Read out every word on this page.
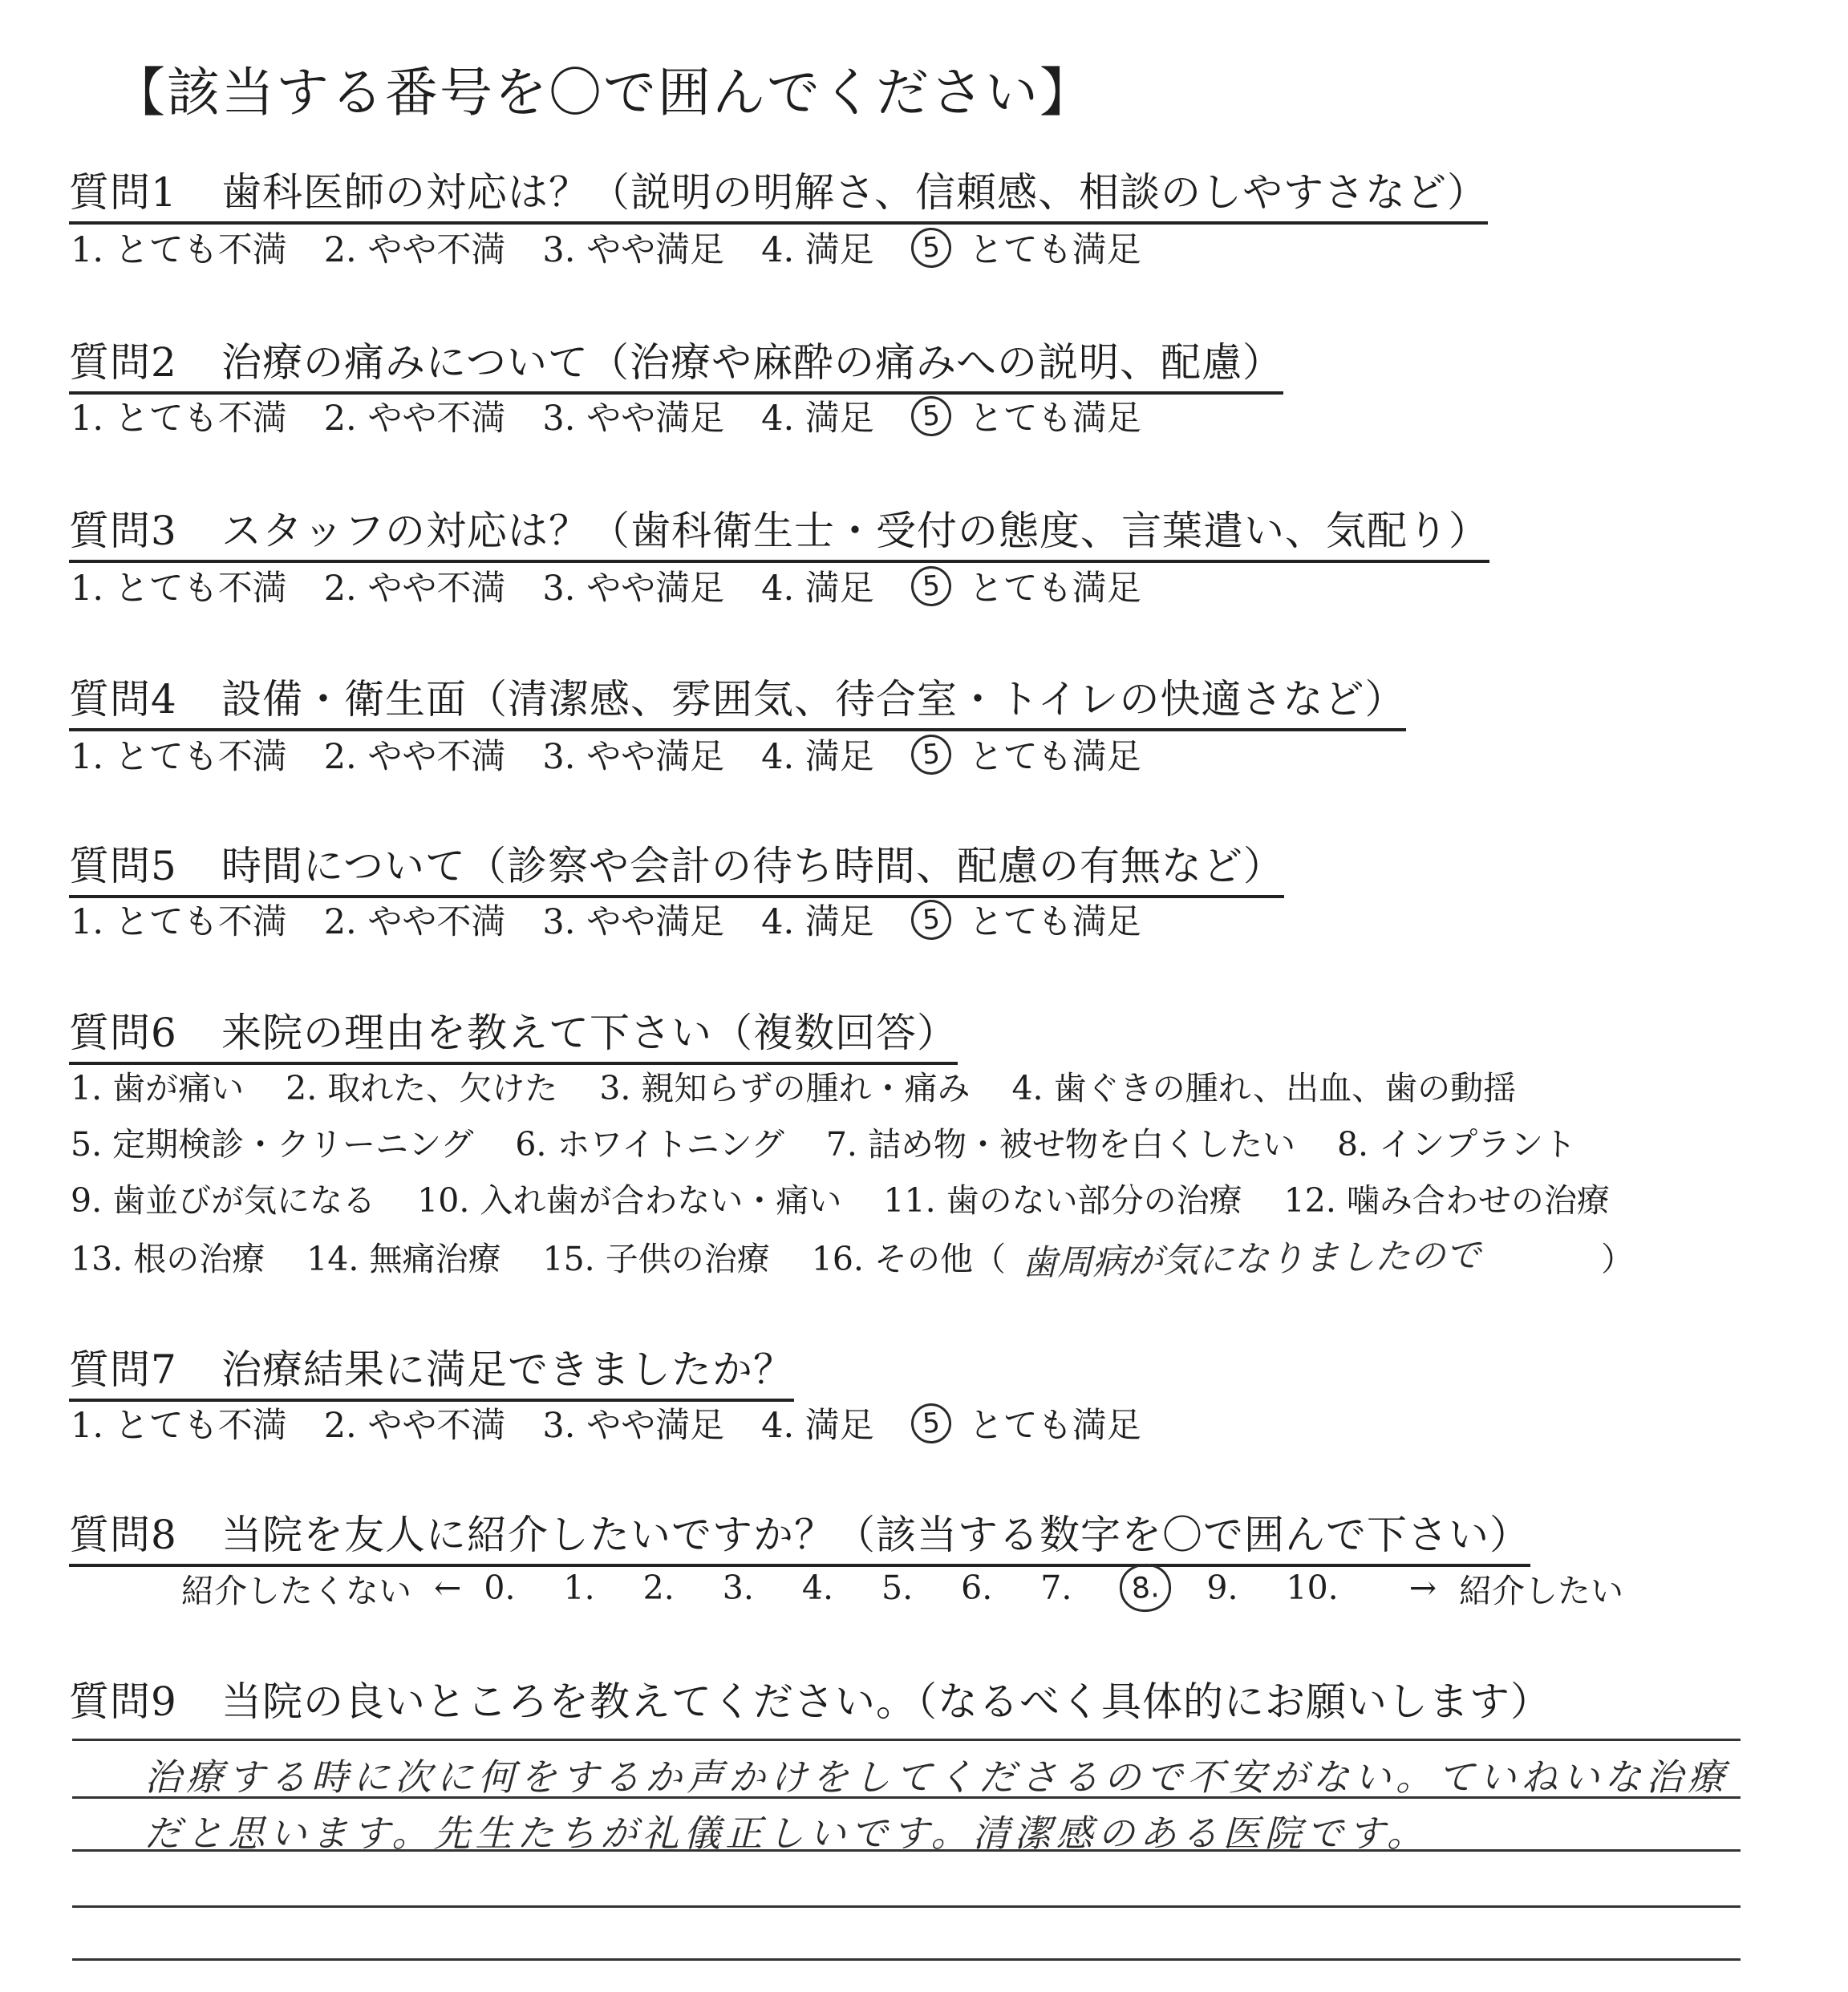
【該当する番号を〇で囲んでください】
質問1 歯科医師の対応は？（説明の明解さ、信頼感、相談のしやすさなど）
1. とても不満 2. やや不満 3. やや満足 4. 満足	5 とても満足
質問2 治療の痛みについて（治療や麻酔の痛みへの説明、配慮）
1. とても不満 2. やや不満 3. やや満足 4. 満足	5 とても満足
質問3 スタッフの対応は？（歯科衛生士・受付の態度、言葉遣い、気配り）
1. とても不満 2. やや不満 3. やや満足 4. 満足	5 とても満足
質問4 設備・衛生面（清潔感、雰囲気、待合室・トイレの快適さなど）
1. とても不満 2. やや不満 3. やや満足 4. 満足	5 とても満足
質問5 時間について（診察や会計の待ち時間、配慮の有無など）
1. とても不満 2. やや不満 3. やや満足 4. 満足	5 とても満足
質問6 来院の理由を教えて下さい（複数回答）
1. 歯が痛い 2. 取れた、欠けた 3. 親知らずの腫れ・痛み 4. 歯ぐきの腫れ、出血、歯の動揺
5. 定期検診・クリーニング 6. ホワイトニング 7. 詰め物・被せ物を白くしたい 8. インプラント
9. 歯並びが気になる 10. 入れ歯が合わない・痛い 11. 歯のない部分の治療 12. 噛み合わせの治療
13. 根の治療 14. 無痛治療 15. 子供の治療 16. その他（ 歯周病が気になりましたので	）
質問7 治療結果に満足できましたか？
1. とても不満 2. やや不満 3. やや満足 4. 満足	5 とても満足
質問8 当院を友人に紹介したいですか？（該当する数字を〇で囲んで下さい）
紹介したくない ← 0. 1. 2. 3. 4. 5. 6. 7.	8.	9. 10. → 紹介したい
質問9 当院の良いところを教えてください。（なるべく具体的にお願いします）
治療する時に次に何をするか声かけをしてくださるので不安がない。ていねいな治療
だと思います。先生たちが礼儀正しいです。清潔感のある医院です。
